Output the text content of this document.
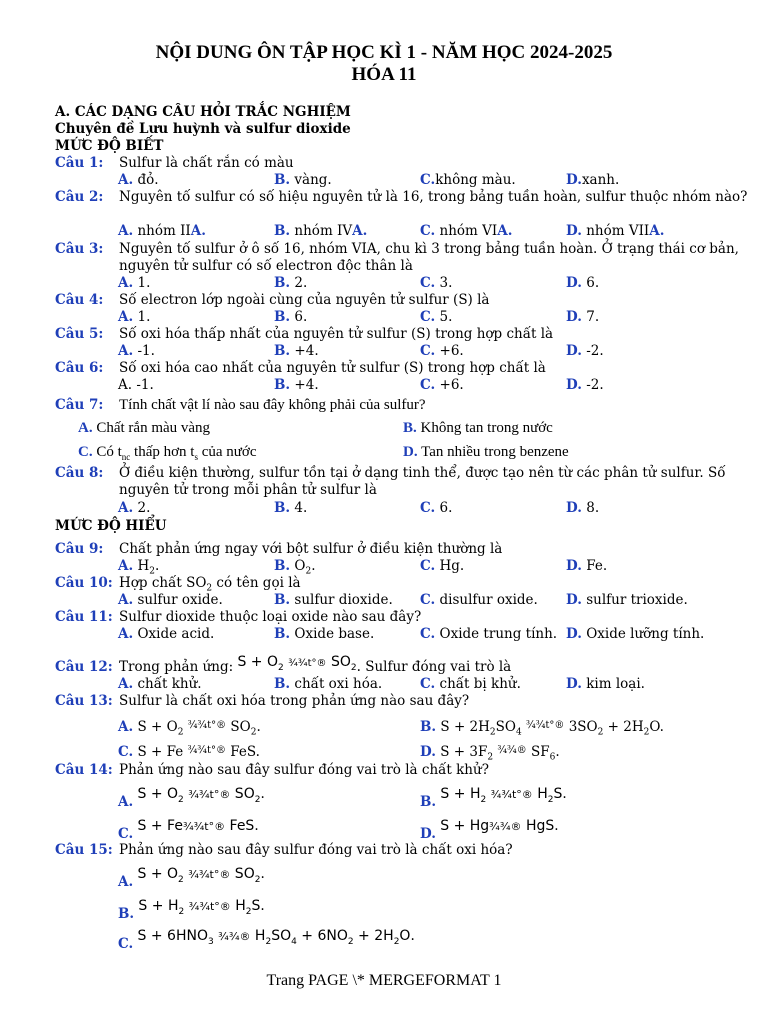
NỘI DUNG ÔN TẬP HỌC KÌ 1 - NĂM HỌC 2024-2025
HÓA 11
A. CÁC DẠNG CÂU HỎI TRẮC NGHIỆM
Chuyên đề Lưu huỳnh và sulfur dioxide
MỨC ĐỘ BIẾT
Câu 1: Sulfur là chất rắn có màu
A. đỏ.	B. vàng.	C.không màu.	D.xanh.
Câu 2: Nguyên tố sulfur có số hiệu nguyên tử là 16, trong bảng tuần hoàn, sulfur thuộc nhóm nào?
A. nhóm IIA.	B. nhóm IVA.	C. nhóm VIA.	D. nhóm VIIA.
Câu 3: Nguyên tố sulfur ở ô số 16, nhóm VIA, chu kì 3 trong bảng tuần hoàn. Ở trạng thái cơ bản, nguyên tử sulfur có số electron độc thân là
A. 1.	B. 2.	C. 3.	D. 6.
Câu 4: Số electron lớp ngoài cùng của nguyên tử sulfur (S) là
A. 1.	B. 6.	C. 5.	D. 7.
Câu 5: Số oxi hóa thấp nhất của nguyên tử sulfur (S) trong hợp chất là
A. -1.	B. +4.	C. +6.	D. -2.
Câu 6: Số oxi hóa cao nhất của nguyên tử sulfur (S) trong hợp chất là
A. -1.	B. +4.	C. +6.	D. -2.
Câu 7: Tính chất vật lí nào sau đây không phải của sulfur?
A. Chất rắn màu vàng	B. Không tan trong nước
C. Có $t_{nc}$ thấp hơn $t_s$ của nước	D. Tan nhiều trong benzene
Câu 8: Ở điều kiện thường, sulfur tồn tại ở dạng tinh thể, được tạo nên từ các phân tử sulfur. Số nguyên tử trong mỗi phân tử sulfur là
A. 2.	B. 4.	C. 6.	D. 8.
MỨC ĐỘ HIỂU
Câu 9: Chất phản ứng ngay với bột sulfur ở điều kiện thường là
A. $H_2$.	B. $O_2$.	C. Hg.	D. Fe.
Câu 10: Hợp chất $SO_2$ có tên gọi là
A. sulfur oxide.	B. sulfur dioxide. C. disulfur oxide. D. sulfur trioxide.
Câu 11: Sulfur dioxide thuộc loại oxide nào sau đây?
A. Oxide acid.	B. Oxide base.	C. Oxide trung tính. D. Oxide lưỡng tính.
Câu 12: Trong phản ứng: $S + O_2$ ¾¾t°® $SO_2$. Sulfur đóng vai trò là
A. chất khử.	B. chất oxi hóa.	C. chất bị khử.	D. kim loại.
Câu 13: Sulfur là chất oxi hóa trong phản ứng nào sau đây?
A. $S + O_2$ $^{\frac{3}{4}\frac{3}{4}t^\circ®}$ $SO_2$.	B. $S + 2H_2SO_4$ $^{\frac{3}{4}\frac{3}{4}t^\circ®}$ $3SO_2 + 2H_2O$.
C. S + Fe $^{\frac{3}{4}\frac{3}{4}t^\circ®}$ FeS.	D. $S + 3F_2$ $^{\frac{3}{4}\frac{3}{4}®}$ $SF_6$.
Câu 14: Phản ứng nào sau đây sulfur đóng vai trò là chất khử?
A. $S + O_2$ ¾¾t°® $SO_2$.	B. $S + H_2$ ¾¾t°® $H_2S$.
C. S + Fe¾¾t°® FeS.	D. S + Hg¾¾® HgS.
Câu 15: Phản ứng nào sau đây sulfur đóng vai trò là chất oxi hóa?
A. $S + O_2$ ¾¾t°® $SO_2$.
B. $S + H_2$ ¾¾t°® $H_2S$.
C. $S + 6HNO_3$ ¾¾® $H_2SO_4 + 6NO_2 + 2H_2O$.
Trang PAGE \* MERGEFORMAT 1
